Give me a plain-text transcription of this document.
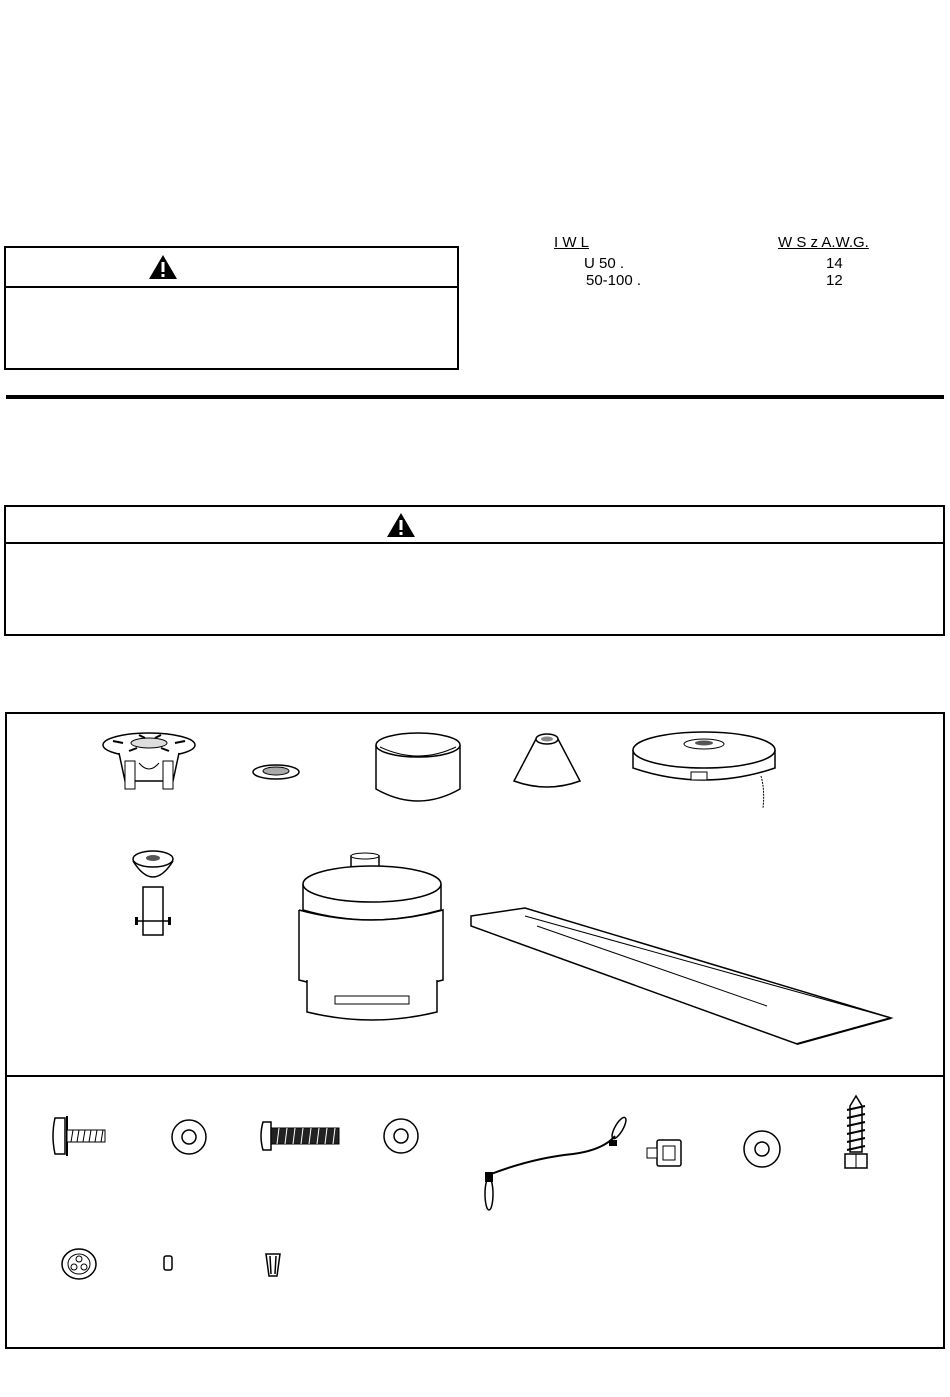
I W L	W S z A.W.G.
U 50 .	14
50-100 .	12
